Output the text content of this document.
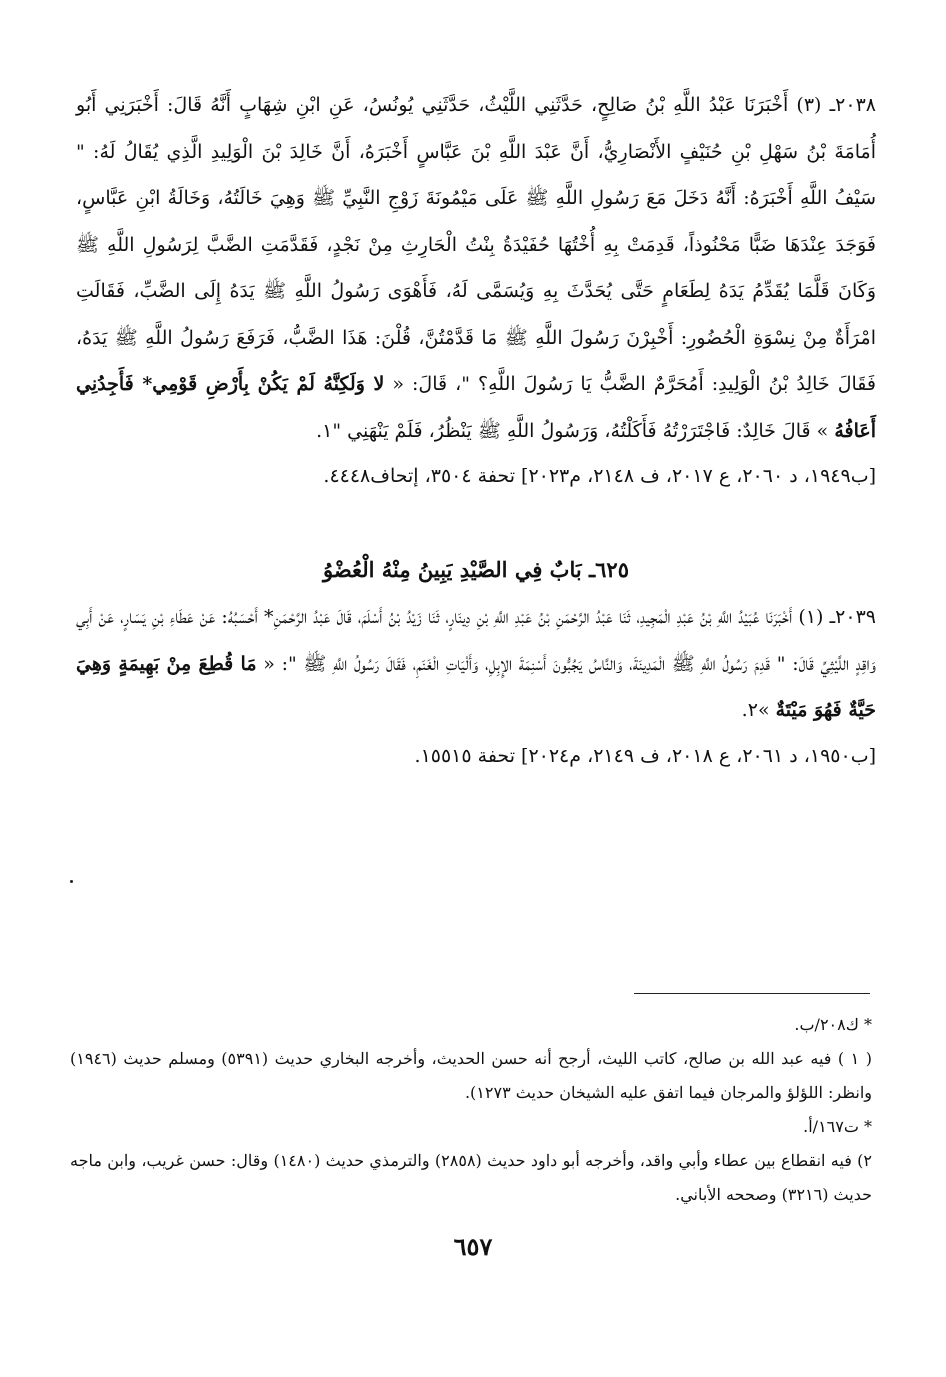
٢٠٣٨ـ (٣) أَخْبَرَنَا عَبْدُ اللَّهِ بْنُ صَالِحٍ، حَدَّثَنِي اللَّيْثُ، حَدَّثَنِي يُونُسُ، عَنِ ابْنِ شِهَابٍ أَنَّهُ قَالَ: أَخْبَرَنِي أَبُو أُمَامَةَ بْنُ سَهْلِ بْنِ حُنَيْفٍ الأَنْصَارِيُّ، أَنَّ عَبْدَ اللَّهِ بْنَ عَبَّاسٍ أَخْبَرَهُ، أَنَّ خَالِدَ بْنَ الْوَلِيدِ الَّذِي يُقَالُ لَهُ: " سَيْفُ اللَّهِ أَخْبَرَهُ: أَنَّهُ دَخَلَ مَعَ رَسُولِ اللَّهِ ﷺ عَلَى مَيْمُونَةَ زَوْجِ النَّبِيِّ ﷺ وَهِيَ خَالَتُهُ، وَخَالَةُ ابْنِ عَبَّاسٍ، فَوَجَدَ عِنْدَهَا ضَبًّا مَحْنُوذاً، قَدِمَتْ بِهِ أُخْتُهَا حُفَيْدَةُ بِنْتُ الْحَارِثِ مِنْ نَجْدٍ، فَقَدَّمَتِ الضَّبَّ لِرَسُولِ اللَّهِ ﷺ وَكَانَ قَلَّمَا يُقَدِّمُ يَدَهُ لِطَعَامٍ حَتَّى يُحَدَّثَ بِهِ وَيُسَمَّى لَهُ، فَأَهْوَى رَسُولُ اللَّهِ ﷺ يَدَهُ إِلَى الضَّبِّ، فَقَالَتِ امْرَأَةٌ مِنْ نِسْوَةِ الْحُضُورِ: أَخْبِرْنَ رَسُولَ اللَّهِ ﷺ مَا قَدَّمْتُنَّ، قُلْنَ: هَذَا الضَّبُّ، فَرَفَعَ رَسُولُ اللَّهِ ﷺ يَدَهُ، فَقَالَ خَالِدُ بْنُ الْوَلِيدِ: أَمُحَرَّمٌ الضَّبُّ يَا رَسُولَ اللَّهِ؟ "، قَالَ: « لا وَلَكِنَّهُ لَمْ يَكُنْ بِأَرْضِ قَوْمِي* فَأَجِدُنِي أَعَافُهُ » قَالَ خَالِدٌ: فَاجْتَرَرْتُهُ فَأَكَلْتُهُ، وَرَسُولُ اللَّهِ ﷺ يَنْظُرُ، فَلَمْ يَنْهَنِي "١.

[ب١٩٤٩، د ٢٠٦٠، ع ٢٠١٧، ف ٢١٤٨، م٢٠٢٣] تحفة ٣٥٠٤، إتحاف٤٤٤٨.
٦٢٥ـ بَابٌ فِي الصَّيْدِ يَبِينُ مِنْهُ الْعُضْوُ

٢٠٣٩ـ (١) أَخْبَرَنَا عُبَيْدُ اللَّهِ بْنُ عَبْدِ الْمَجِيدِ، ثَنَا عَبْدُ الرَّحْمَنِ بْنُ عَبْدِ اللَّهِ بْنِ دِينَارٍ، ثَنَا زَيْدُ بْنُ أَسْلَمَ، قَالَ عَبْدُ الرَّحْمَنِ* أَحْسَبُهُ: عَنْ عَطَاءِ بْنِ يَسَارٍ، عَنْ أَبِي وَاقِدٍ اللَّيْثِيِّ قَالَ: " قَدِمَ رَسُولُ اللَّهِ ﷺ الْمَدِينَةَ، وَالنَّاسُ يَجُبُّونَ أَسْنِمَةَ الإِبِلِ، وَأَلْيَاتِ الْغَنَمِ، فَقَالَ رَسُولُ اللَّهِ ﷺ ": « مَا قُطِعَ مِنْ بَهِيمَةٍ وَهِيَ حَيَّةٌ فَهُوَ مَيْتَةٌ »٢.

[ب١٩٥٠، د ٢٠٦١، ع ٢٠١٨، ف ٢١٤٩، م٢٠٢٤] تحفة ١٥٥١٥.

* ك٢٠٨/ب.

( ١ ) فيه عبد الله بن صالح، كاتب الليث، أرجح أنه حسن الحديث، وأخرجه البخاري حديث (٥٣٩١) ومسلم حديث (١٩٤٦) وانظر: اللؤلؤ والمرجان فيما اتفق عليه الشيخان حديث ١٢٧٣).

* ت١٦٧/أ.

٢) فيه انقطاع بين عطاء وأبي واقد، وأخرجه أبو داود حديث (٢٨٥٨) والترمذي حديث (١٤٨٠) وقال: حسن غريب، وابن ماجه حديث (٣٢١٦) وصححه الأباني.

٦٥٧
